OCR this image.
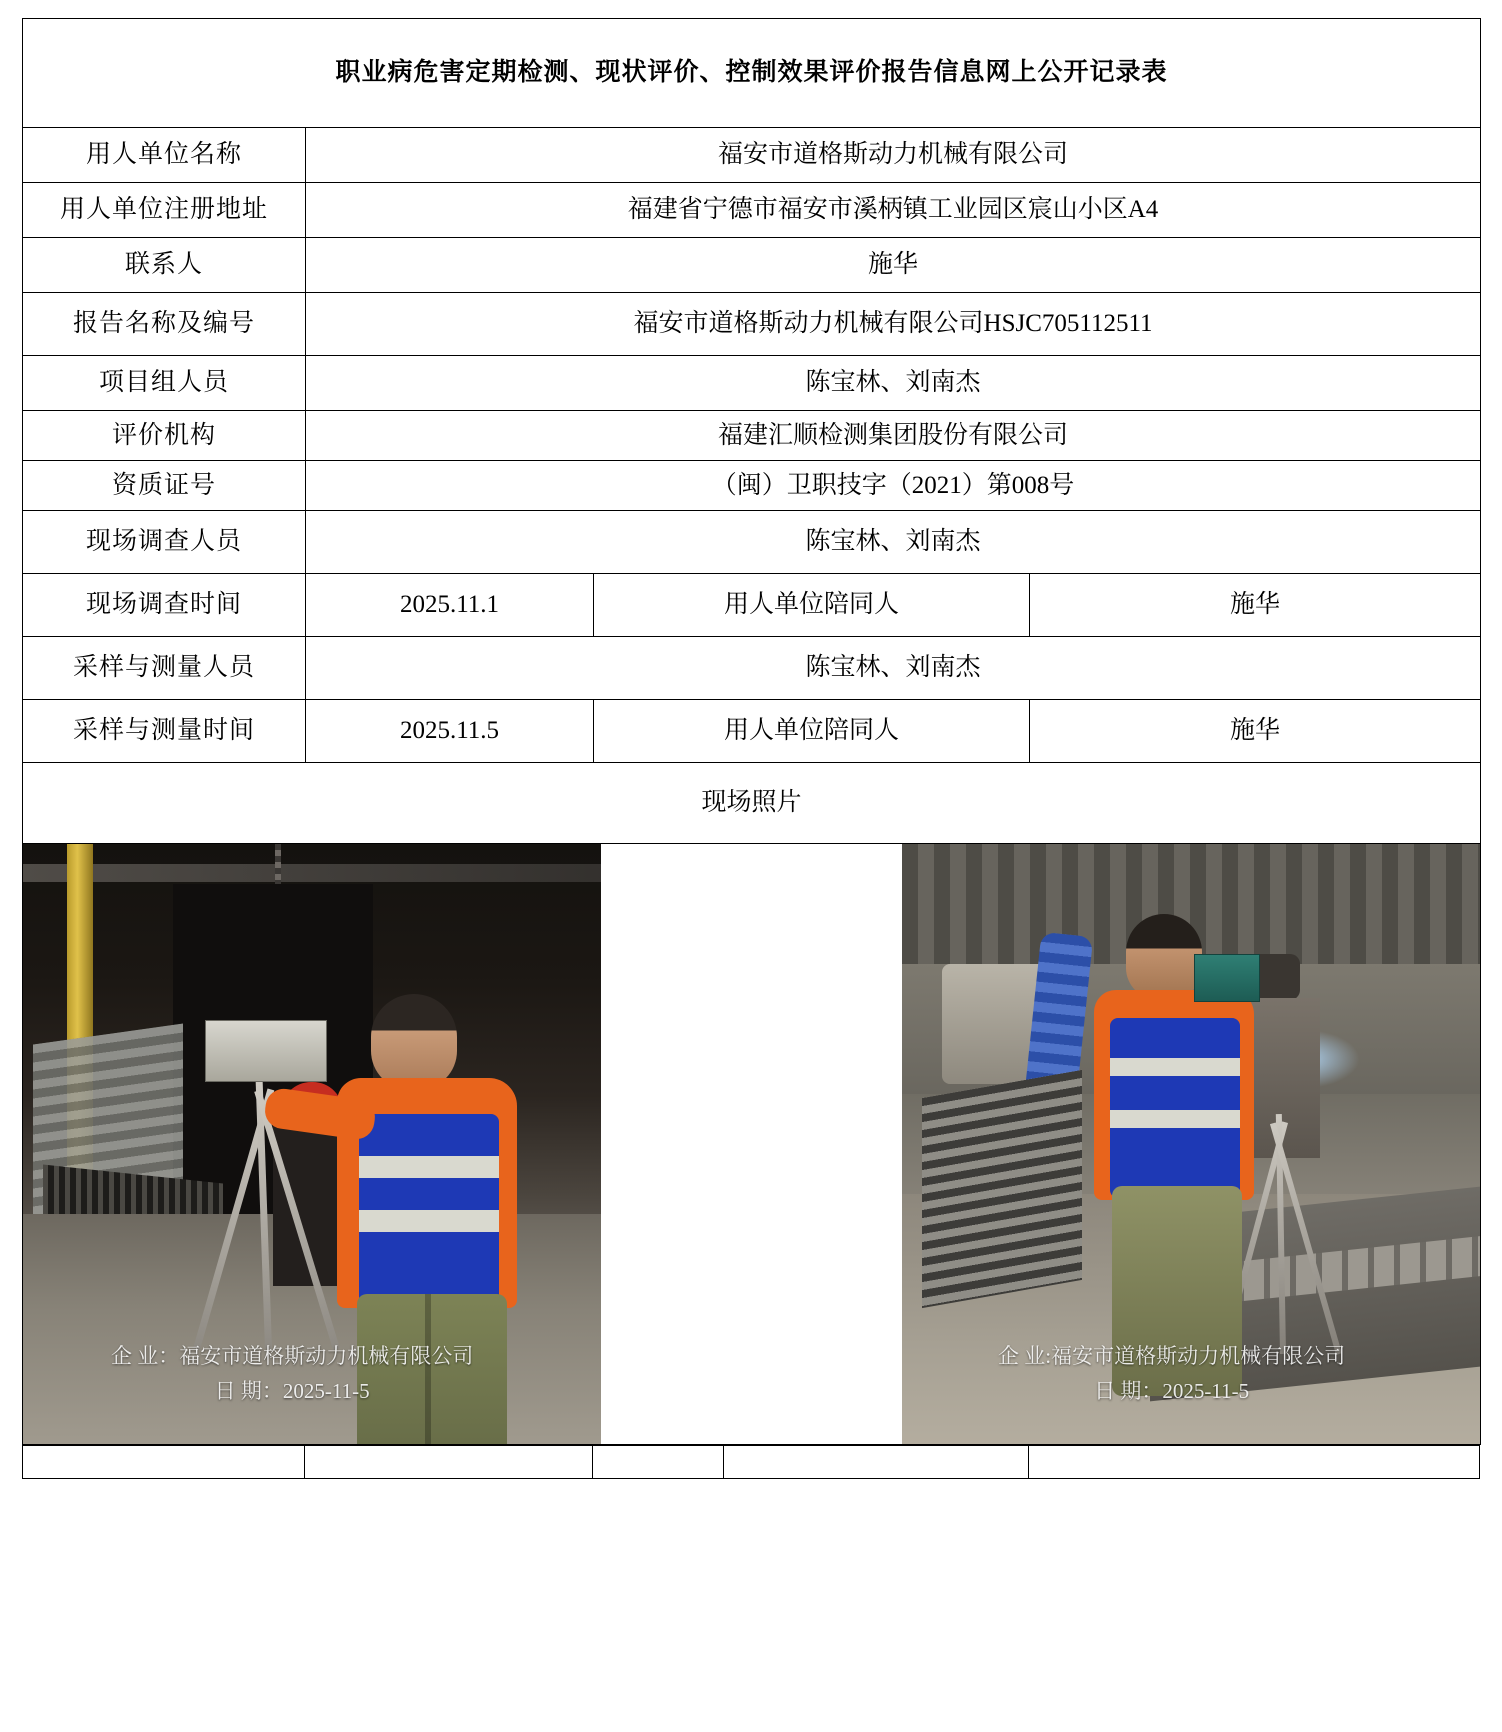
职业病危害定期检测、现状评价、控制效果评价报告信息网上公开记录表			
用人单位名称	福安市道格斯动力机械有限公司		
用人单位注册地址	福建省宁德市福安市溪柄镇工业园区宸山小区A4		
联系人	施华		
报告名称及编号	福安市道格斯动力机械有限公司HSJC705112511		
项目组人员	陈宝林、刘南杰		
评价机构	福建汇顺检测集团股份有限公司		
资质证号	（闽）卫职技字（2021）第008号		
现场调查人员	陈宝林、刘南杰		
现场调查时间	2025.11.1	用人单位陪同人	施华
采样与测量人员	陈宝林、刘南杰		
采样与测量时间	2025.11.5	用人单位陪同人	施华
现场照片			

企 业：福安市道格斯动力机械有限公司
日 期：2025-11-5
企 业:福安市道格斯动力机械有限公司
日 期：2025-11-5			
